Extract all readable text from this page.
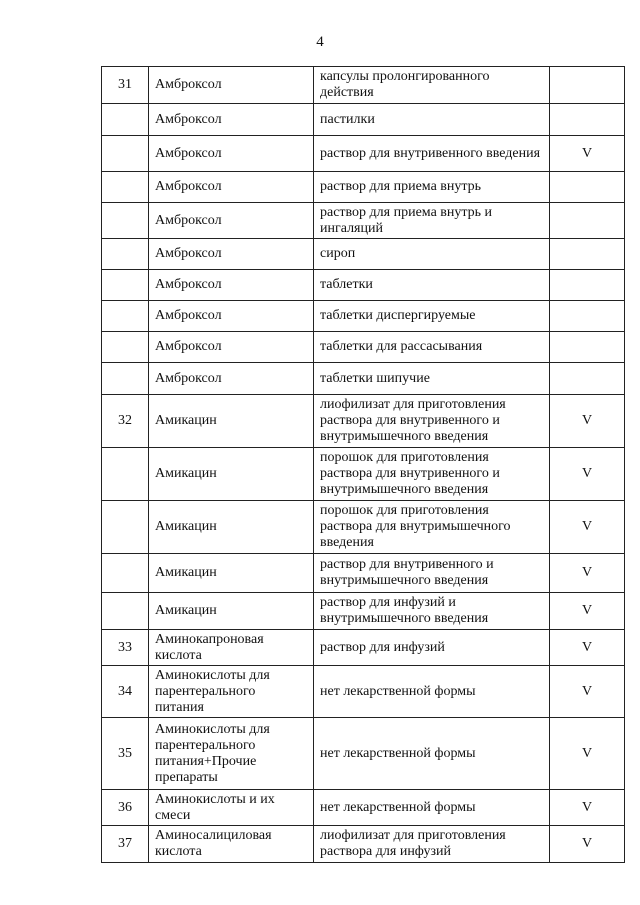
4
31	Амброксол	капсулы пролонгированного действия	
	Амброксол	пастилки	
	Амброксол	раствор для внутривенного введения	V
	Амброксол	раствор для приема внутрь	
	Амброксол	раствор для приема внутрь и ингаляций	
	Амброксол	сироп	
	Амброксол	таблетки	
	Амброксол	таблетки диспергируемые	
	Амброксол	таблетки для рассасывания	
	Амброксол	таблетки шипучие	
32	Амикацин	лиофилизат для приготовления раствора для внутривенного и внутримышечного введения	V
	Амикацин	порошок для приготовления раствора для внутривенного и внутримышечного введения	V
	Амикацин	порошок для приготовления раствора для внутримышечного введения	V
	Амикацин	раствор для внутривенного и внутримышечного введения	V
	Амикацин	раствор для инфузий и внутримышечного введения	V
33	Аминокапроновая кислота	раствор для инфузий	V
34	Аминокислоты для парентерального питания	нет лекарственной формы	V
35	Аминокислоты для парентерального питания+Прочие препараты	нет лекарственной формы	V
36	Аминокислоты и их смеси	нет лекарственной формы	V
37	Аминосалициловая кислота	лиофилизат для приготовления раствора для инфузий	V
